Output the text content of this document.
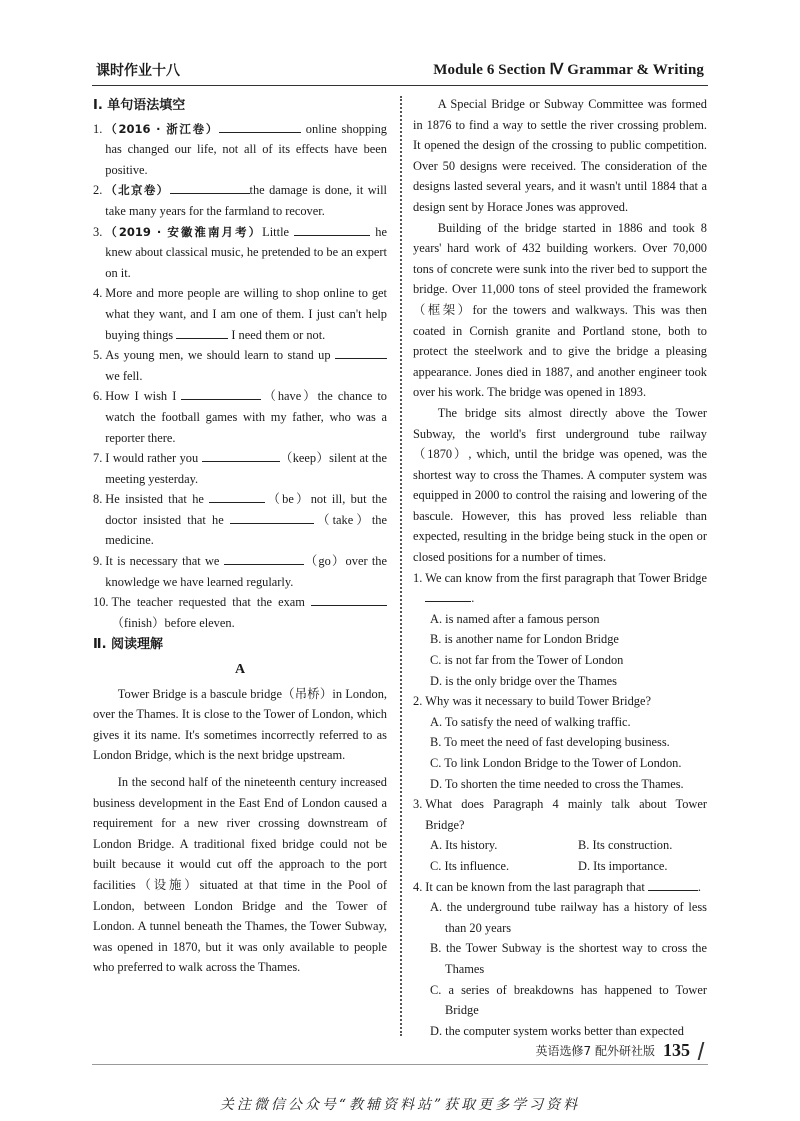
课时作业十八	Module 6 Section Ⅳ Grammar & Writing
Ⅰ. 单句语法填空
1. （2016 · 浙江卷）	online shopping has changed our life, not all of its effects have been positive.
2. （北京卷）	the damage is done, it will take many years for the farmland to recover.
3. （2019 · 安徽淮南月考）Little	he knew about classical music, he pretended to be an expert on it.
4. More and more people are willing to shop online to get what they want, and I am one of them. I just can't help buying things	I need them or not.
5. As young men, we should learn to stand up  we fell.
6. How I wish I	（have）the chance to watch the football games with my father, who was a reporter there.
7. I would rather you	（keep）silent at the meeting yesterday.
8. He insisted that he	（be）not ill, but the doctor insisted that he	（take）the medicine.
9. It is necessary that we	（go）over the knowledge we have learned regularly.
10. The teacher requested that the exam （finish）before eleven.
Ⅱ. 阅读理解
A

Tower Bridge is a bascule bridge（吊桥）in London, over the Thames. It is close to the Tower of London, which gives it its name. It's sometimes incorrectly referred to as London Bridge, which is the next bridge upstream.

In the second half of the nineteenth century increased business development in the East End of London caused a requirement for a new river crossing downstream of London Bridge. A traditional fixed bridge could not be built because it would cut off the approach to the port facilities（设施）situated at that time in the Pool of London, between London Bridge and the Tower of London. A tunnel beneath the Thames, the Tower Subway, was opened in 1870, but it was only available to people who preferred to walk across the Thames.

A Special Bridge or Subway Committee was formed in 1876 to find a way to settle the river crossing problem. It opened the design of the crossing to public competition. Over 50 designs were received. The consideration of the designs lasted several years, and it wasn't until 1884 that a design sent by Horace Jones was approved.

Building of the bridge started in 1886 and took 8 years' hard work of 432 building workers. Over 70,000 tons of concrete were sunk into the river bed to support the bridge. Over 11,000 tons of steel provided the framework（框架）for the towers and walkways. This was then coated in Cornish granite and Portland stone, both to protect the steelwork and to give the bridge a pleasing appearance. Jones died in 1887, and another engineer took over his work. The bridge was opened in 1893.

The bridge sits almost directly above the Tower Subway, the world's first underground tube railway（1870）, which, until the bridge was opened, was the shortest way to cross the Thames. A computer system was equipped in 2000 to control the raising and lowering of the bascule. However, this has proved less reliable than expected, resulting in the bridge being stuck in the open or closed positions for a number of times.

1. We can know from the first paragraph that Tower Bridge .
A. is named after a famous person
B. is another name for London Bridge
C. is not far from the Tower of London
D. is the only bridge over the Thames
2. Why was it necessary to build Tower Bridge?
A. To satisfy the need of walking traffic.
B. To meet the need of fast developing business.
C. To link London Bridge to the Tower of London.
D. To shorten the time needed to cross the Thames.
3. What does Paragraph 4 mainly talk about Tower Bridge?
A. Its history.	B. Its construction.
C. Its influence.	D. Its importance.
4. It can be known from the last paragraph that	.
A. the underground tube railway has a history of less than 20 years
B. the Tower Subway is the shortest way to cross the Thames
C. a series of breakdowns has happened to Tower Bridge
D. the computer system works better than expected
英语选修7 配外研社版 135
关注微信公众号“教辅资料站”获取更多学习资料
